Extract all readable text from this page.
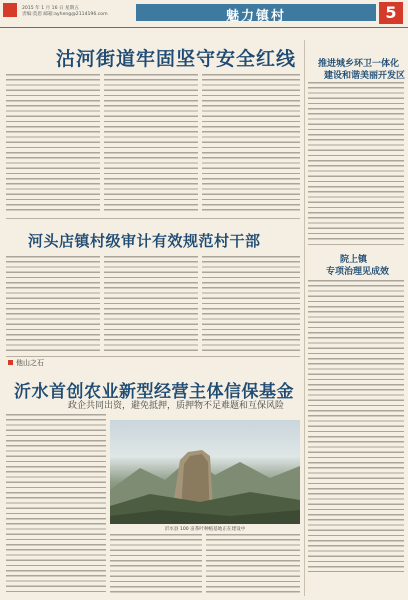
2015 年 1 月 16 日 星期五
责编:莫恩 邮箱:ayheng@2114196.com	魅力镇村	5
沽河街道牢固坚守安全红线
河头店镇村级审计有效规范村干部
他山之石
沂水首创农业新型经营主体信保基金
政企共同出资，避免抵押，质押物不足难题和互保风险
沂水县 100 亩茶叶种植基地正在建设中
推进城乡环卫一体化
建设和谐美丽开发区
院上镇
专项治理见成效
